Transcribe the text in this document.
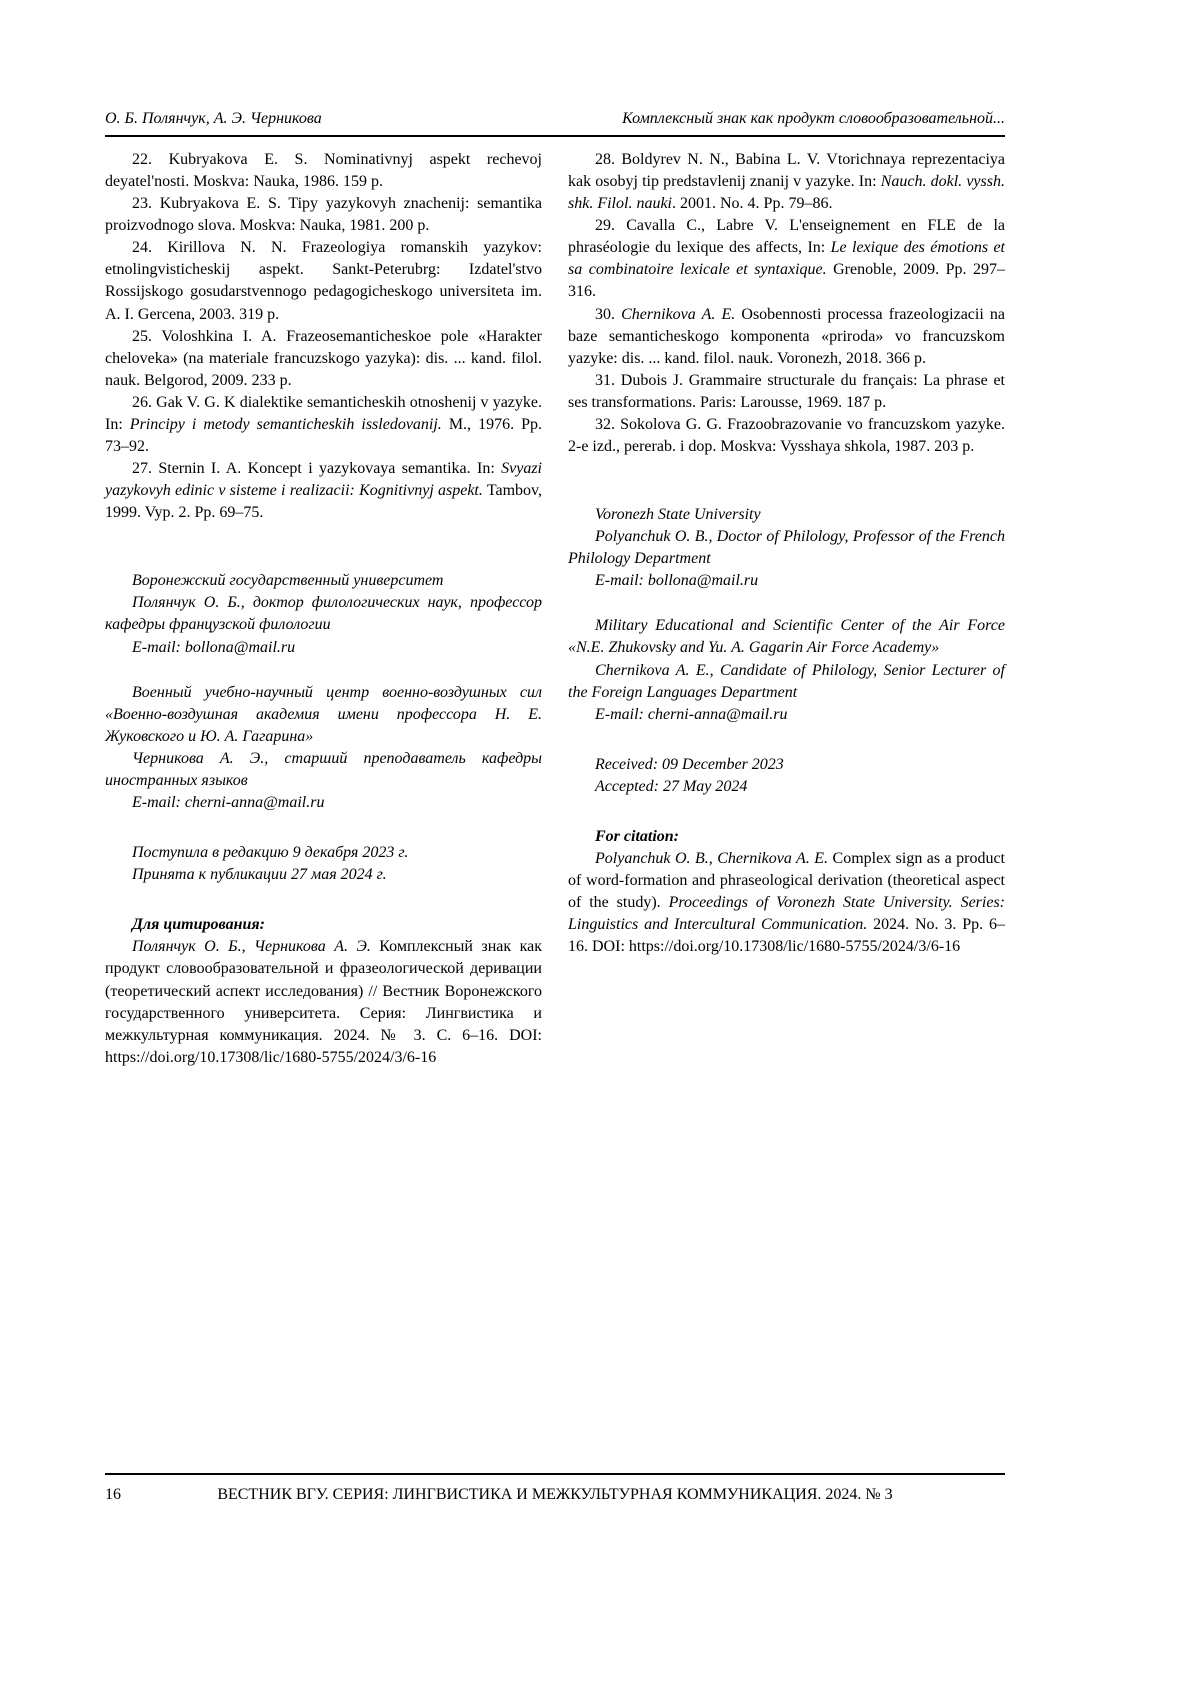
О. Б. Полянчук, А. Э. Черникова	Комплексный знак как продукт словообразовательной...

22. Kubryakova E. S. Nominativnyj aspekt rechevoj deyatel'nosti. Moskva: Nauka, 1986. 159 p.

23. Kubryakova E. S. Tipy yazykovyh znachenij: semantika proizvodnogo slova. Moskva: Nauka, 1981. 200 p.

24. Kirillova N. N. Frazeologiya romanskih yazykov: etnolingvisticheskij aspekt. Sankt-Peterubrg: Izdatel'stvo Rossijskogo gosudarstvennogo pedagogicheskogo universiteta im. A. I. Gercena, 2003. 319 p.

25. Voloshkina I. A. Frazeosemanticheskoe pole «Harakter cheloveka» (na materiale francuzskogo yazyka): dis. ... kand. filol. nauk. Belgorod, 2009. 233 p.

26. Gak V. G. K dialektike semanticheskih otnoshenij v yazyke. In: Principy i metody semanticheskih issledovanij. M., 1976. Pp. 73–92.

27. Sternin I. A. Koncept i yazykovaya semantika. In: Svyazi yazykovyh edinic v sisteme i realizacii: Kognitivnyj aspekt. Tambov, 1999. Vyp. 2. Pp. 69–75.

Воронежский государственный университет

Полянчук О. Б., доктор филологических наук, профессор кафедры французской филологии

E-mail: bollona@mail.ru

Военный учебно-научный центр военно-воздушных сил «Военно-воздушная академия имени профессора Н. Е. Жуковского и Ю. А. Гагарина»

Черникова А. Э., старший преподаватель кафедры иностранных языков

E-mail: cherni-anna@mail.ru

Поступила в редакцию 9 декабря 2023 г.

Принята к публикации 27 мая 2024 г.

Для цитирования:

Полянчук О. Б., Черникова А. Э. Комплексный знак как продукт словообразовательной и фразеологической деривации (теоретический аспект исследования) // Вестник Воронежского государственного университета. Серия: Лингвистика и межкультурная коммуникация. 2024. № 3. С. 6–16. DOI: https://doi.org/10.17308/lic/1680-5755/2024/3/6-16

28. Boldyrev N. N., Babina L. V. Vtorichnaya reprezentaciya kak osobyj tip predstavlenij znanij v yazyke. In: Nauch. dokl. vyssh. shk. Filol. nauki. 2001. No. 4. Pp. 79–86.

29. Cavalla C., Labre V. L'enseignement en FLE de la phraséologie du lexique des affects, In: Le lexique des émotions et sa combinatoire lexicale et syntaxique. Grenoble, 2009. Pp. 297–316.

30. Chernikova A. E. Osobennosti processa frazeologizacii na baze semanticheskogo komponenta «priroda» vo francuzskom yazyke: dis. ... kand. filol. nauk. Voronezh, 2018. 366 p.

31. Dubois J. Grammaire structurale du français: La phrase et ses transformations. Paris: Larousse, 1969. 187 p.

32. Sokolova G. G. Frazoobrazovanie vo francuzskom yazyke. 2-e izd., pererab. i dop. Moskva: Vysshaya shkola, 1987. 203 p.

Voronezh State University

Polyanchuk O. B., Doctor of Philology, Professor of the French Philology Department

E-mail: bollona@mail.ru

Military Educational and Scientific Center of the Air Force «N.E. Zhukovsky and Yu. A. Gagarin Air Force Academy»

Chernikova A. E., Candidate of Philology, Senior Lecturer of the Foreign Languages Department

E-mail: cherni-anna@mail.ru

Received: 09 December 2023

Accepted: 27 May 2024

For citation:

Polyanchuk O. B., Chernikova A. E. Complex sign as a product of word-formation and phraseological derivation (theoretical aspect of the study). Proceedings of Voronezh State University. Series: Linguistics and Intercultural Communication. 2024. No. 3. Pp. 6–16. DOI: https://doi.org/10.17308/lic/1680-5755/2024/3/6-16

16	ВЕСТНИК ВГУ. СЕРИЯ: ЛИНГВИСТИКА И МЕЖКУЛЬТУРНАЯ КОММУНИКАЦИЯ. 2024. № 3
